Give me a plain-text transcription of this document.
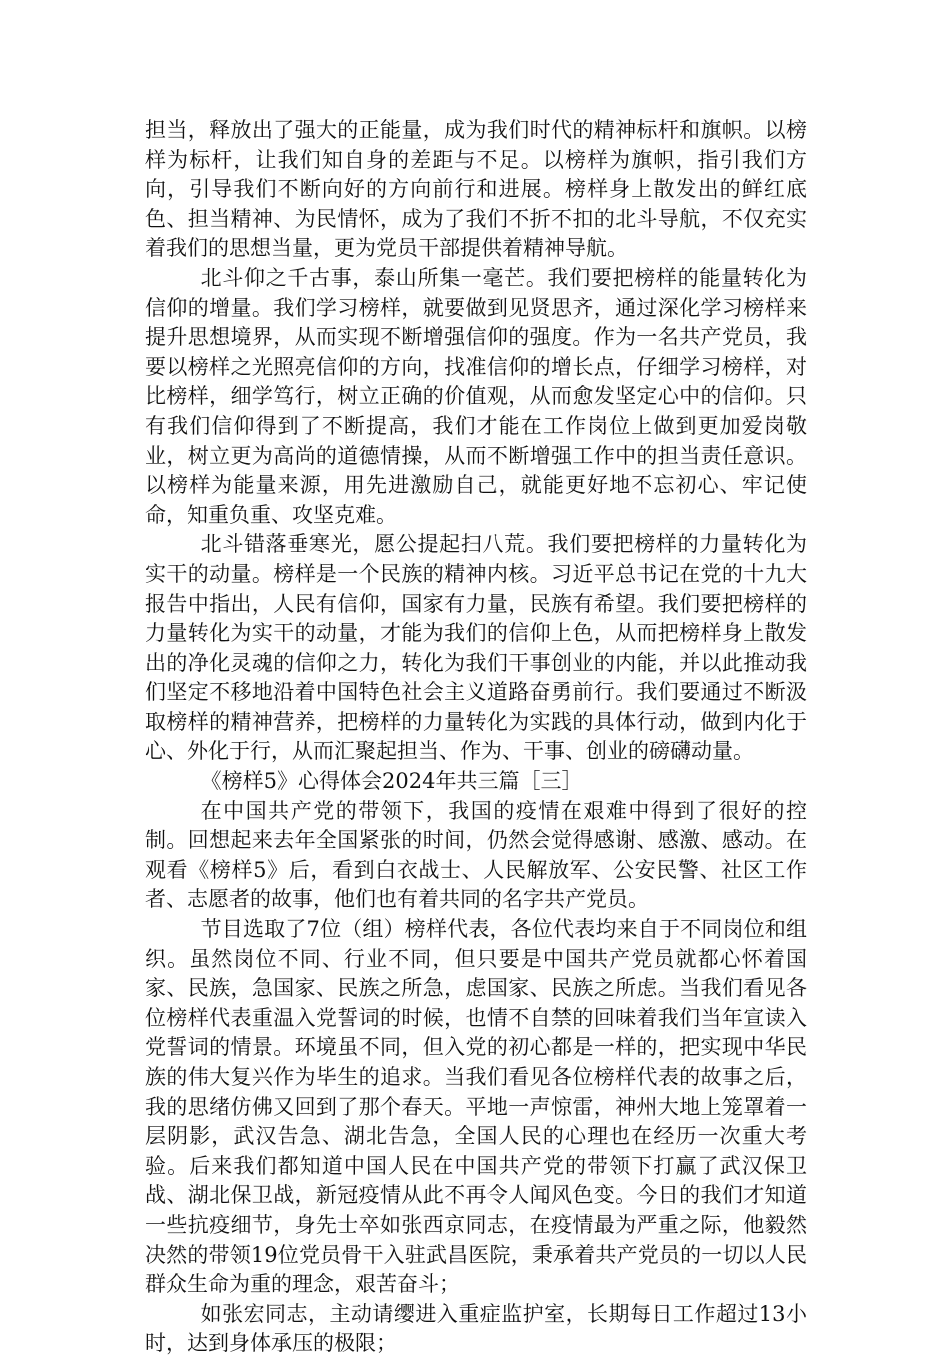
担当，释放出了强大的正能量，成为我们时代的精神标杆和旗帜。以榜样为标杆，让我们知自身的差距与不足。以榜样为旗帜，指引我们方向，引导我们不断向好的方向前行和进展。榜样身上散发出的鲜红底色、担当精神、为民情怀，成为了我们不折不扣的北斗导航，不仅充实着我们的思想当量，更为党员干部提供着精神导航。

北斗仰之千古事，泰山所集一毫芒。我们要把榜样的能量转化为信仰的增量。我们学习榜样，就要做到见贤思齐，通过深化学习榜样来提升思想境界，从而实现不断增强信仰的强度。作为一名共产党员，我要以榜样之光照亮信仰的方向，找准信仰的增长点，仔细学习榜样，对比榜样，细学笃行，树立正确的价值观，从而愈发坚定心中的信仰。只有我们信仰得到了不断提高，我们才能在工作岗位上做到更加爱岗敬业，树立更为高尚的道德情操，从而不断增强工作中的担当责任意识。以榜样为能量来源，用先进激励自己，就能更好地不忘初心、牢记使命，知重负重、攻坚克难。

北斗错落垂寒光，愿公提起扫八荒。我们要把榜样的力量转化为实干的动量。榜样是一个民族的精神内核。习近平总书记在党的十九大报告中指出，人民有信仰，国家有力量，民族有希望。我们要把榜样的力量转化为实干的动量，才能为我们的信仰上色，从而把榜样身上散发出的净化灵魂的信仰之力，转化为我们干事创业的内能，并以此推动我们坚定不移地沿着中国特色社会主义道路奋勇前行。我们要通过不断汲取榜样的精神营养，把榜样的力量转化为实践的具体行动，做到内化于心、外化于行，从而汇聚起担当、作为、干事、创业的磅礴动量。

《榜样5》心得体会2024年共三篇［三］

在中国共产党的带领下，我国的疫情在艰难中得到了很好的控制。回想起来去年全国紧张的时间，仍然会觉得感谢、感激、感动。在观看《榜样5》后，看到白衣战士、人民解放军、公安民警、社区工作者、志愿者的故事，他们也有着共同的名字共产党员。

节目选取了7位（组）榜样代表，各位代表均来自于不同岗位和组织。虽然岗位不同、行业不同，但只要是中国共产党员就都心怀着国家、民族，急国家、民族之所急，虑国家、民族之所虑。当我们看见各位榜样代表重温入党誓词的时候，也情不自禁的回味着我们当年宣读入党誓词的情景。环境虽不同，但入党的初心都是一样的，把实现中华民族的伟大复兴作为毕生的追求。当我们看见各位榜样代表的故事之后，我的思绪仿佛又回到了那个春天。平地一声惊雷，神州大地上笼罩着一层阴影，武汉告急、湖北告急，全国人民的心理也在经历一次重大考验。后来我们都知道中国人民在中国共产党的带领下打赢了武汉保卫战、湖北保卫战，新冠疫情从此不再令人闻风色变。今日的我们才知道一些抗疫细节，身先士卒如张西京同志，在疫情最为严重之际，他毅然决然的带领19位党员骨干入驻武昌医院，秉承着共产党员的一切以人民群众生命为重的理念，艰苦奋斗；

如张宏同志，主动请缨进入重症监护室，长期每日工作超过13小时，达到身体承压的极限；
